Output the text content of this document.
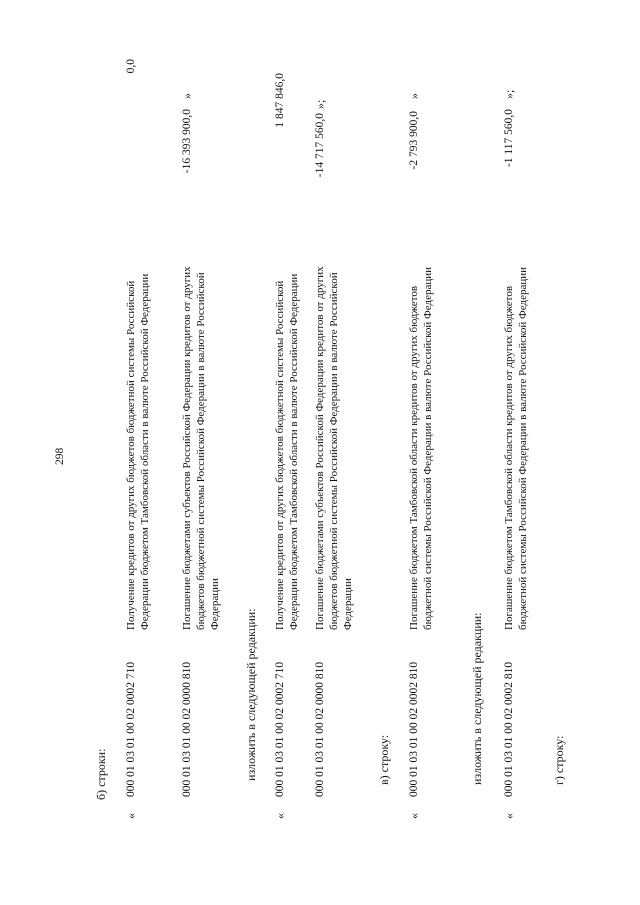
298
б) строки:
«
000 01 03 01 00 02 0002 710
Получение кредитов от других бюджетов бюджетной системы Российской Федерации бюджетом Тамбовской области в валюте Российской Федерации
0,0
000 01 03 01 00 02 0000 810
Погашение бюджетами субъектов Российской Федерации кредитов от других бюджетов бюджетной системы Российской Федерации в валюте Российской Федерации
-16 393 900,0
»
изложить в следующей редакции:
«
000 01 03 01 00 02 0002 710
Получение кредитов от других бюджетов бюджетной системы Российской Федерации бюджетом Тамбовской области в валюте Российской Федерации
1 847 846,0
000 01 03 01 00 02 0000 810
Погашение бюджетами субъектов Российской Федерации кредитов от других бюджетов бюджетной системы Российской Федерации в валюте Российской Федерации
-14 717 560,0
»;
в) строку:
«
000 01 03 01 00 02 0002 810
Погашение бюджетом Тамбовской области кредитов от других бюджетов бюджетной системы Российской Федерации в валюте Российской Федерации
-2 793 900,0
»
изложить в следующей редакции:
«
000 01 03 01 00 02 0002 810
Погашение бюджетом Тамбовской области кредитов от других бюджетов бюджетной системы Российской Федерации в валюте Российской Федерации
-1 117 560,0
»;
г) строку:
